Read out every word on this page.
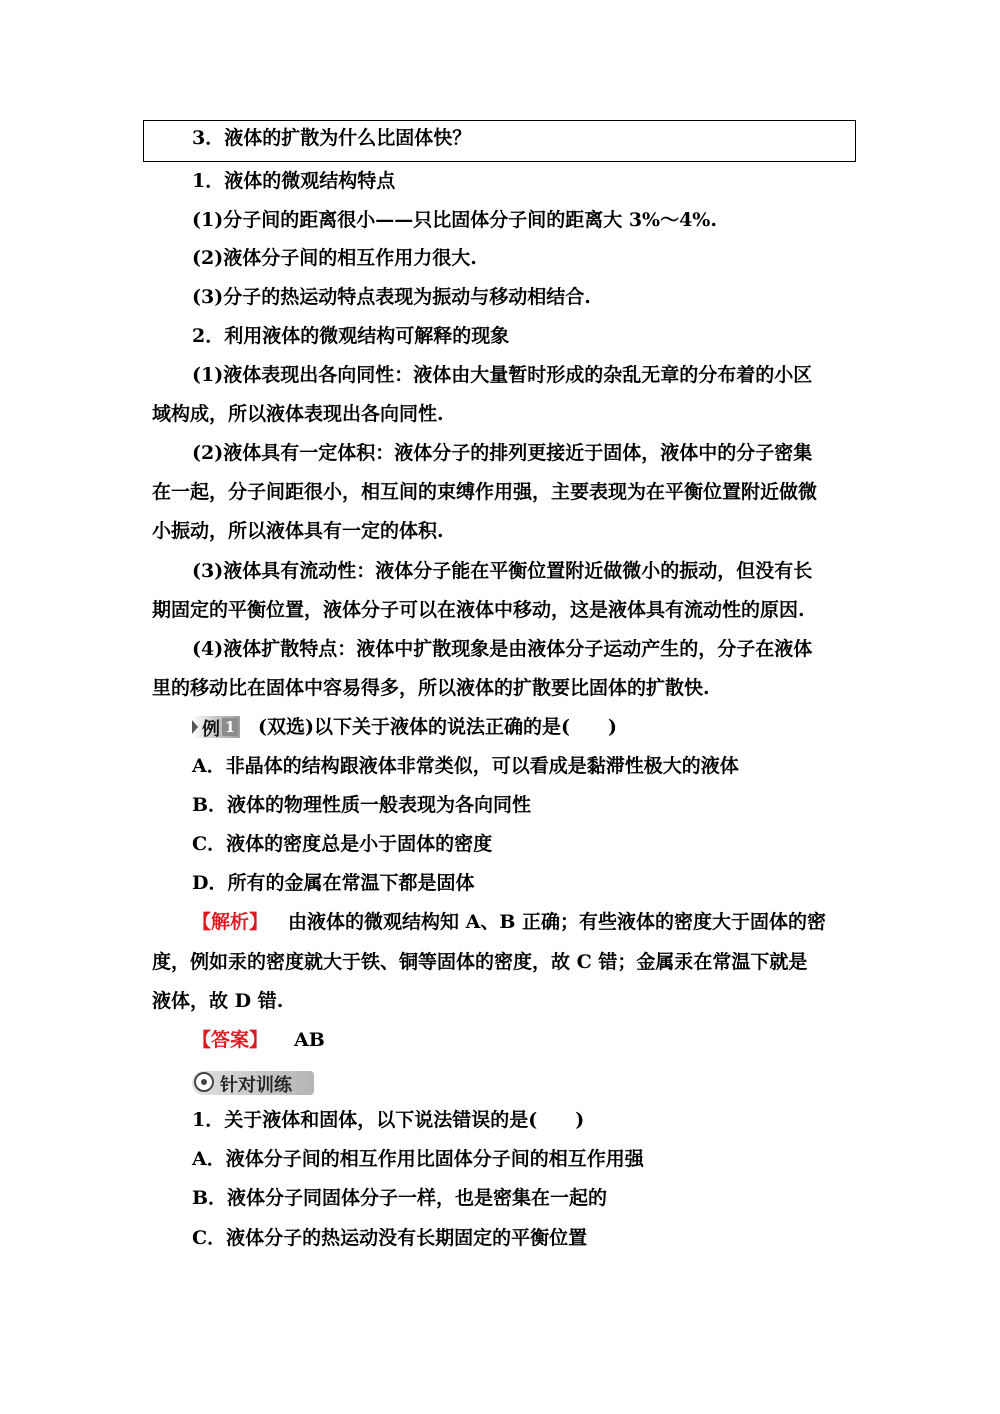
3．液体的扩散为什么比固体快？
1．液体的微观结构特点
(1)分子间的距离很小——只比固体分子间的距离大 3%～4%.
(2)液体分子间的相互作用力很大.
(3)分子的热运动特点表现为振动与移动相结合.
2．利用液体的微观结构可解释的现象
(1)液体表现出各向同性：液体由大量暂时形成的杂乱无章的分布着的小区
域构成，所以液体表现出各向同性.
(2)液体具有一定体积：液体分子的排列更接近于固体，液体中的分子密集
在一起，分子间距很小，相互间的束缚作用强，主要表现为在平衡位置附近做微
小振动，所以液体具有一定的体积.
(3)液体具有流动性：液体分子能在平衡位置附近做微小的振动，但没有长
期固定的平衡位置，液体分子可以在液体中移动，这是液体具有流动性的原因.
(4)液体扩散特点：液体中扩散现象是由液体分子运动产生的，分子在液体
里的移动比在固体中容易得多，所以液体的扩散要比固体的扩散快.
例 1 (双选)以下关于液体的说法正确的是(　　)
A．非晶体的结构跟液体非常类似，可以看成是黏滞性极大的液体
B．液体的物理性质一般表现为各向同性
C．液体的密度总是小于固体的密度
D．所有的金属在常温下都是固体
【解析】 由液体的微观结构知 A、B 正确；有些液体的密度大于固体的密
度，例如汞的密度就大于铁、铜等固体的密度，故 C 错；金属汞在常温下就是
液体，故 D 错.
【答案】 AB
针对训练
1．关于液体和固体，以下说法错误的是(　　)
A．液体分子间的相互作用比固体分子间的相互作用强
B．液体分子同固体分子一样，也是密集在一起的
C．液体分子的热运动没有长期固定的平衡位置
